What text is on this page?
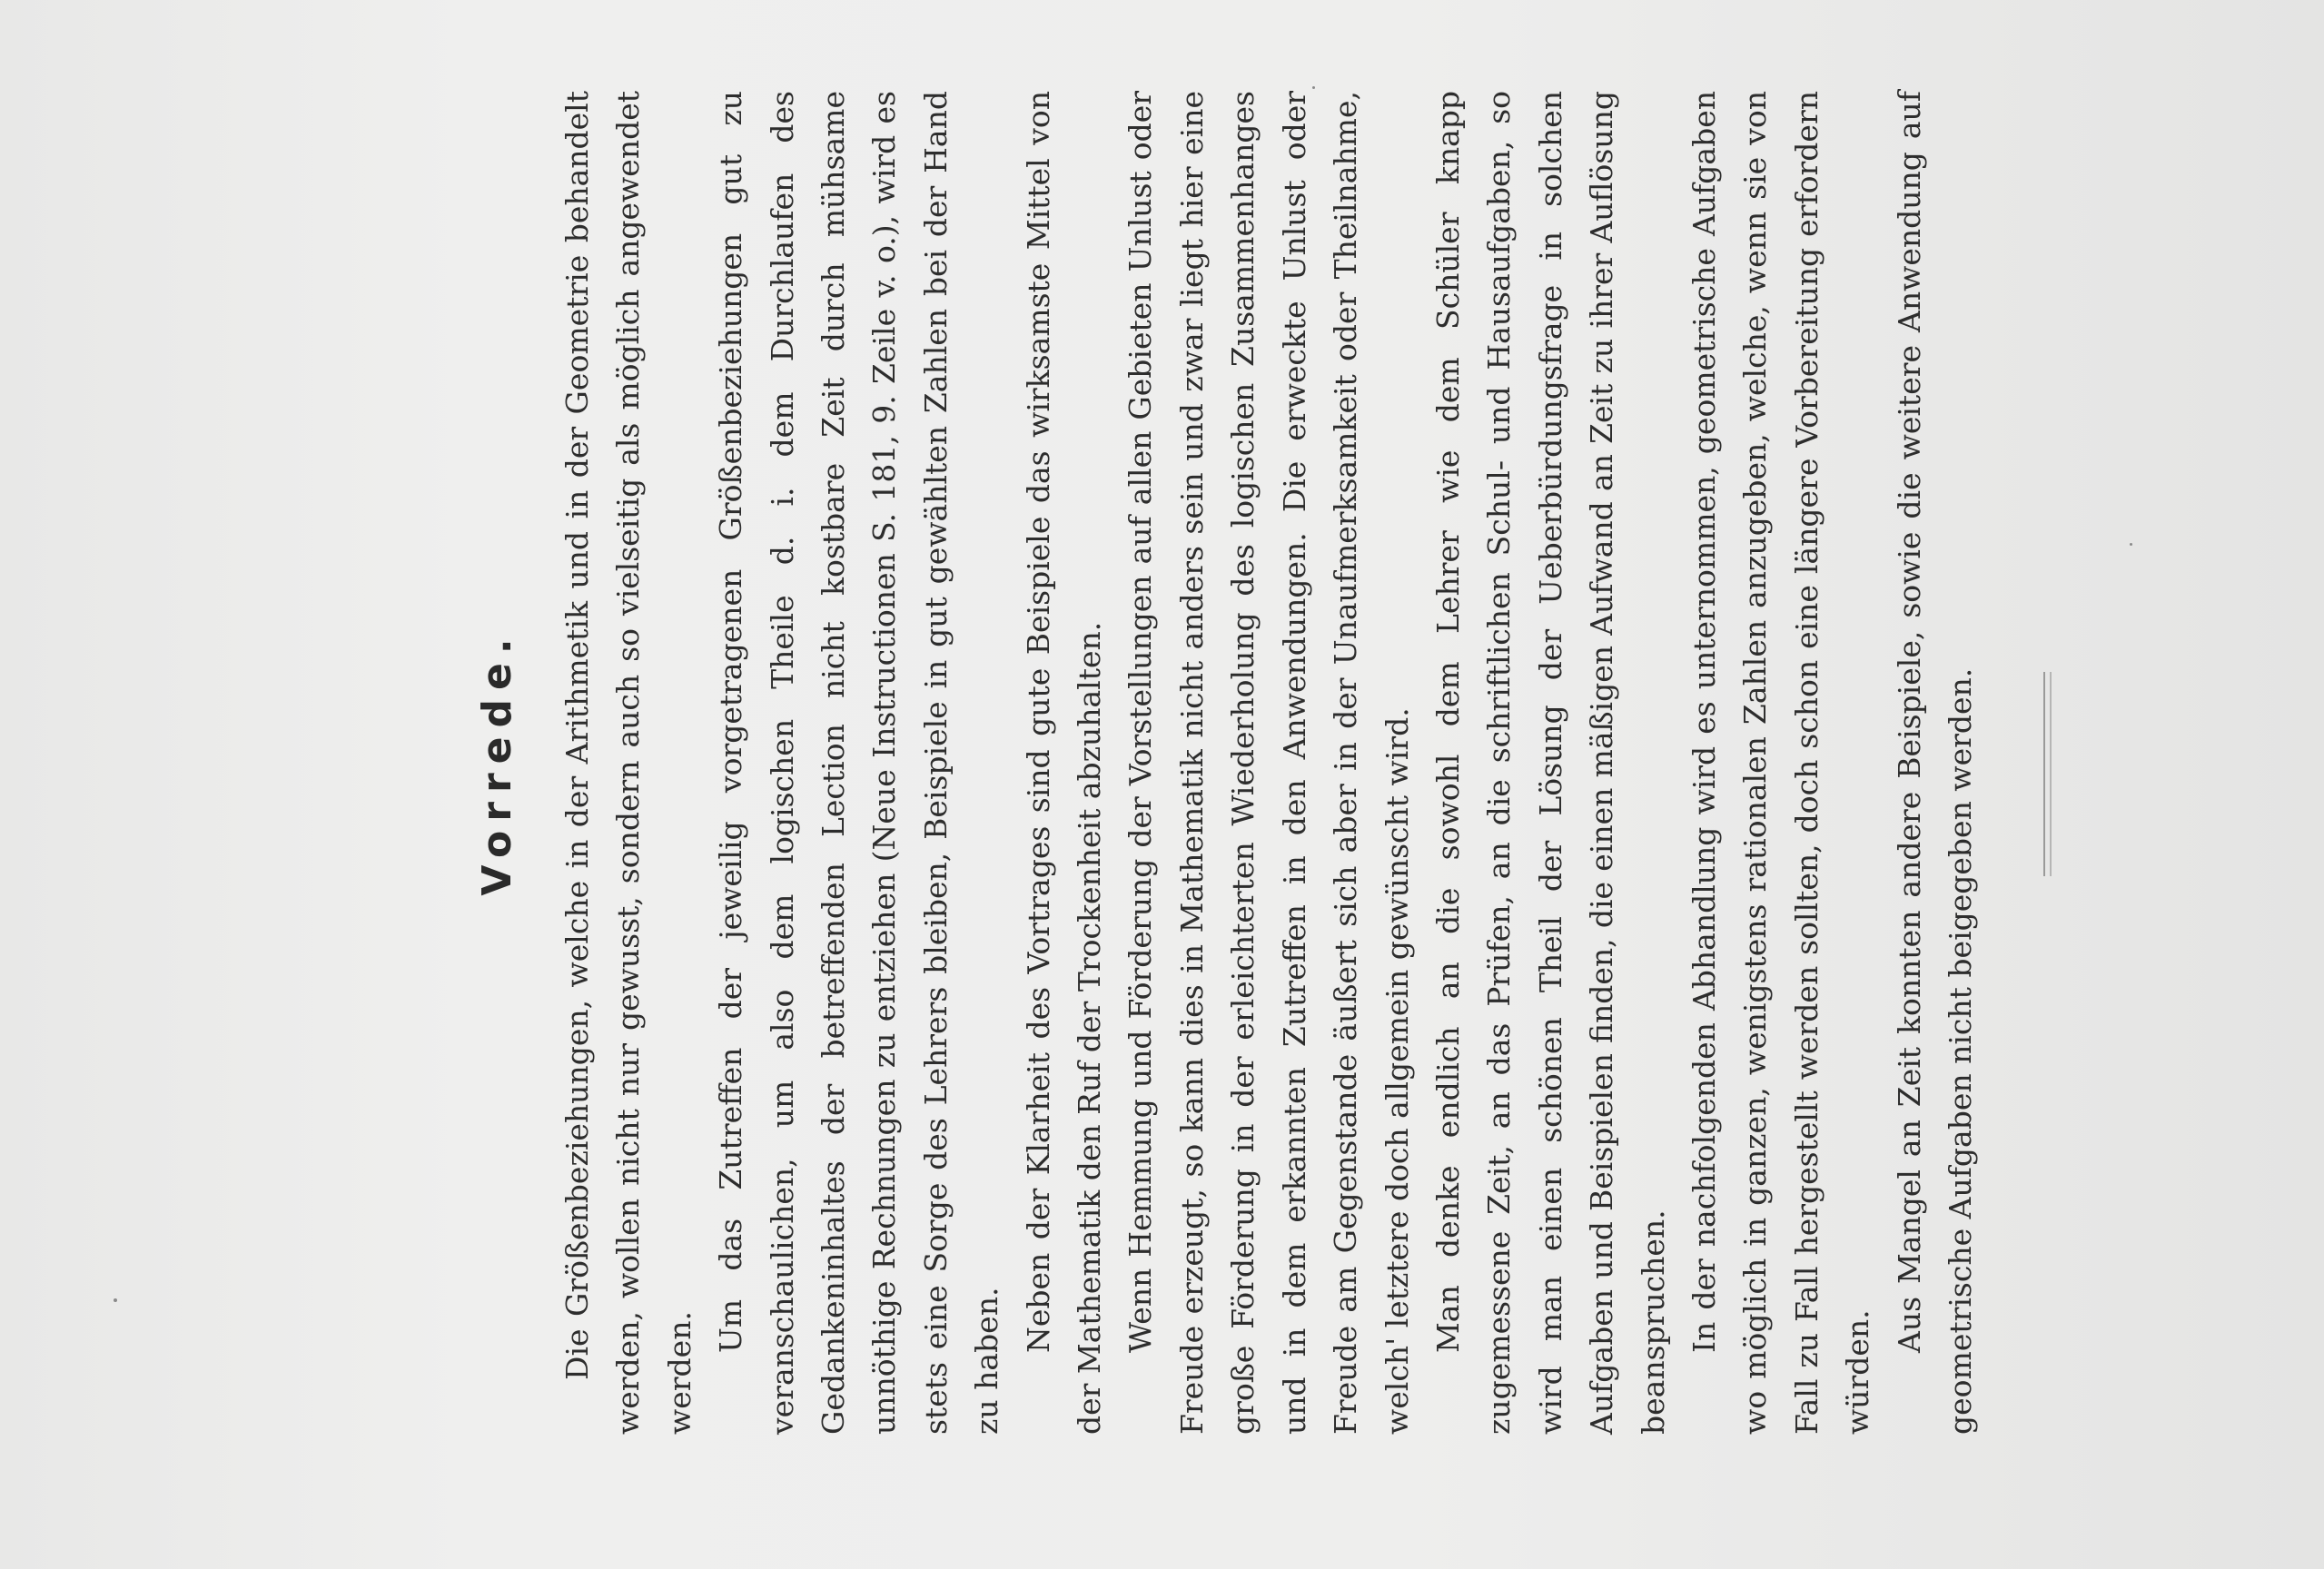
Vorrede.	Die Größenbeziehungen, welche in der Arithmetik und in der Geometrie behandelt werden, wollen nicht nur gewusst, sondern auch so vielseitig als möglich angewendet werden.

Um das Zutreffen der jeweilig vorgetragenen Größenbeziehungen gut zu veranschaulichen, um also dem logischen Theile d. i. dem Durchlaufen des Gedankeninhaltes der betreffenden Lection nicht kostbare Zeit durch mühsame unnöthige Rechnungen zu entziehen (Neue Instructionen S. 181, 9. Zeile v. o.), wird es stets eine Sorge des Lehrers bleiben, Beispiele in gut gewählten Zahlen bei der Hand zu haben.

Neben der Klarheit des Vortrages sind gute Beispiele das wirksamste Mittel von der Mathematik den Ruf der Trockenheit abzuhalten. Wenn Hemmung und Förderung der Vorstellungen auf allen Gebieten Unlust oder Freude erzeugt, so kann dies in Mathematik nicht anders sein und zwar liegt hier eine große Förderung in der erleichterten Wiederholung des logischen Zusammenhanges und in dem erkannten Zutreffen in den Anwendungen. Die erweckte Unlust oder Freude am Gegenstande äußert sich aber in der Unaufmerksamkeit oder Theilnahme, welch' letztere doch allgemein gewünscht wird. Man denke endlich an die sowohl dem Lehrer wie dem Schüler knapp zugemessene Zeit, an das Prüfen, an die schriftlichen Schul- und Hausaufgaben, so wird man einen schönen Theil der Lösung der Ueberbürdungsfrage in solchen Aufgaben und Beispielen finden, die einen mäßigen Aufwand an Zeit zu ihrer Auflösung beanspruchen. In der nachfolgenden Abhandlung wird es unternommen, geometrische Aufgaben wo möglich in ganzen, wenigstens rationalen Zahlen anzugeben, welche, wenn sie von Fall zu Fall hergestellt werden sollten, doch schon eine längere Vorbereitung erfordern würden.

Aus Mangel an Zeit konnten andere Beispiele, sowie die weitere Anwendung auf geometrische Aufgaben nicht beigegeben werden.
